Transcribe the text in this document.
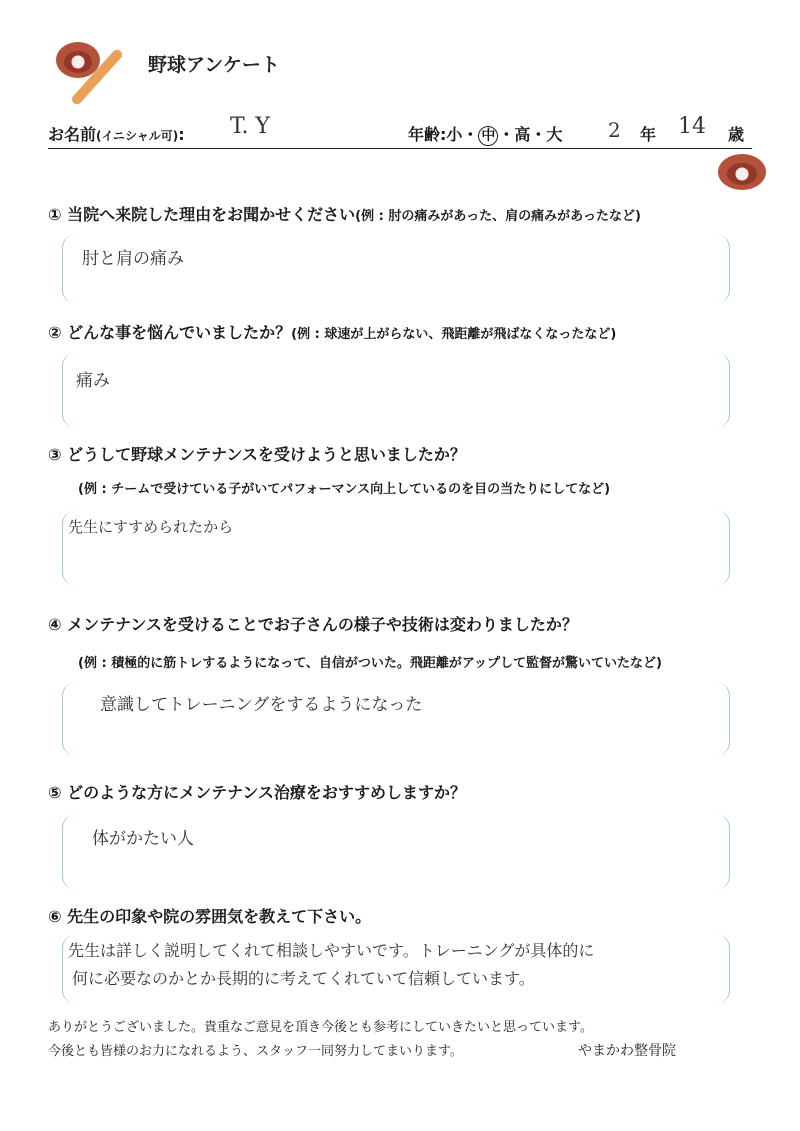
野球アンケート
お名前(イニシャル可): T. Y	年齢:小・ 中 ・高・大 2 年 14 歳
① 当院へ来院した理由をお聞かせください(例 : 肘の痛みがあった、肩の痛みがあったなど)
肘と肩の痛み
② どんな事を悩んでいましたか？(例 : 球速が上がらない、飛距離が飛ばなくなったなど)
痛み
③ どうして野球メンテナンスを受けようと思いましたか？
(例 : チームで受けている子がいてパフォーマンス向上しているのを目の当たりにしてなど)
先生にすすめられたから
④ メンテナンスを受けることでお子さんの様子や技術は変わりましたか？
(例 : 積極的に筋トレするようになって、自信がついた。飛距離がアップして監督が驚いていたなど)
意識してトレーニングをするようになった
⑤ どのような方にメンテナンス治療をおすすめしますか？
体がかたい人
⑥ 先生の印象や院の雰囲気を教えて下さい。
先生は詳しく説明してくれて相談しやすいです。トレーニングが具体的に
何に必要なのかとか長期的に考えてくれていて信頼しています。
ありがとうございました。貴重なご意見を頂き今後とも参考にしていきたいと思っています。
今後とも皆様のお力になれるよう、スタッフ一同努力してまいります。	やまかわ整骨院
